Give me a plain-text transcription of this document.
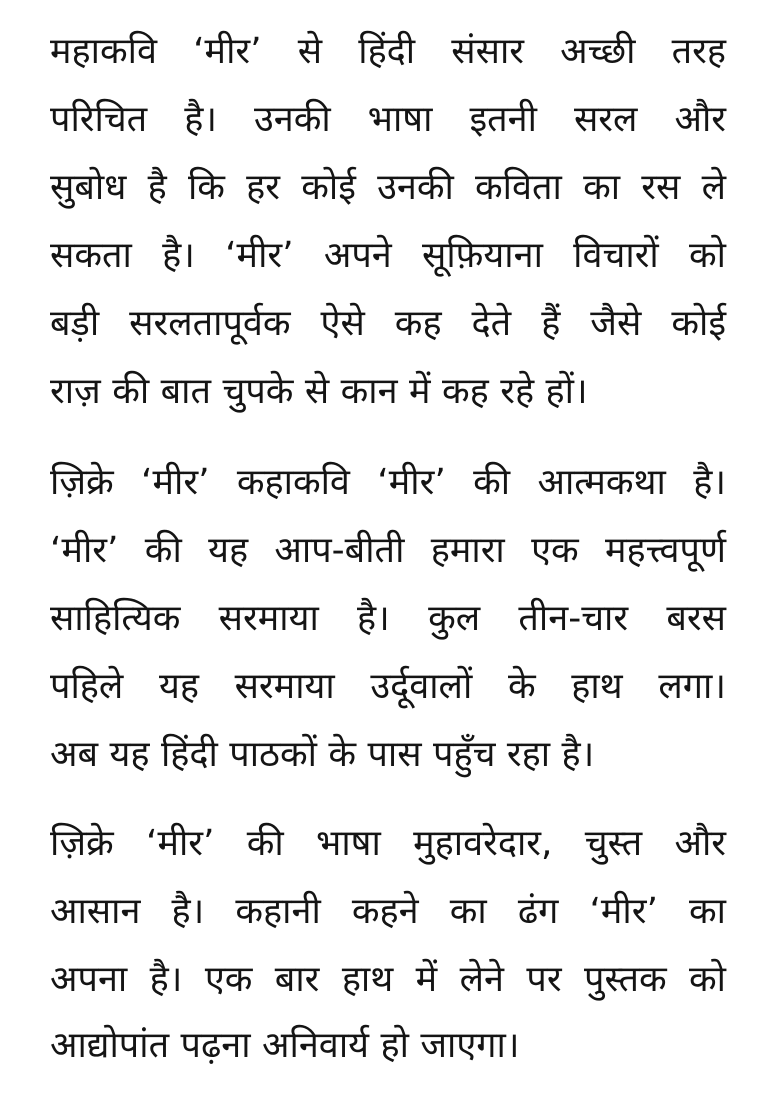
महाकवि ‘मीर’ से हिंदी संसार अच्छी तरह
परिचित है। उनकी भाषा इतनी सरल और
सुबोध है कि हर कोई उनकी कविता का रस ले
सकता है। ‘मीर’ अपने सूफ़ियाना विचारों को
बड़ी सरलतापूर्वक ऐसे कह देते हैं जैसे कोई
राज़ की बात चुपके से कान में कह रहे हों।
ज़िक्रे ‘मीर’ कहाकवि ‘मीर’ की आत्मकथा है।
‘मीर’ की यह आप-बीती हमारा एक महत्त्वपूर्ण
साहित्यिक सरमाया है। कुल तीन-चार बरस
पहिले यह सरमाया उर्दूवालों के हाथ लगा।
अब यह हिंदी पाठकों के पास पहुँच रहा है।
ज़िक्रे ‘मीर’ की भाषा मुहावरेदार, चुस्त और
आसान है। कहानी कहने का ढंग ‘मीर’ का
अपना है। एक बार हाथ में लेने पर पुस्तक को
आद्योपांत पढ़ना अनिवार्य हो जाएगा।
